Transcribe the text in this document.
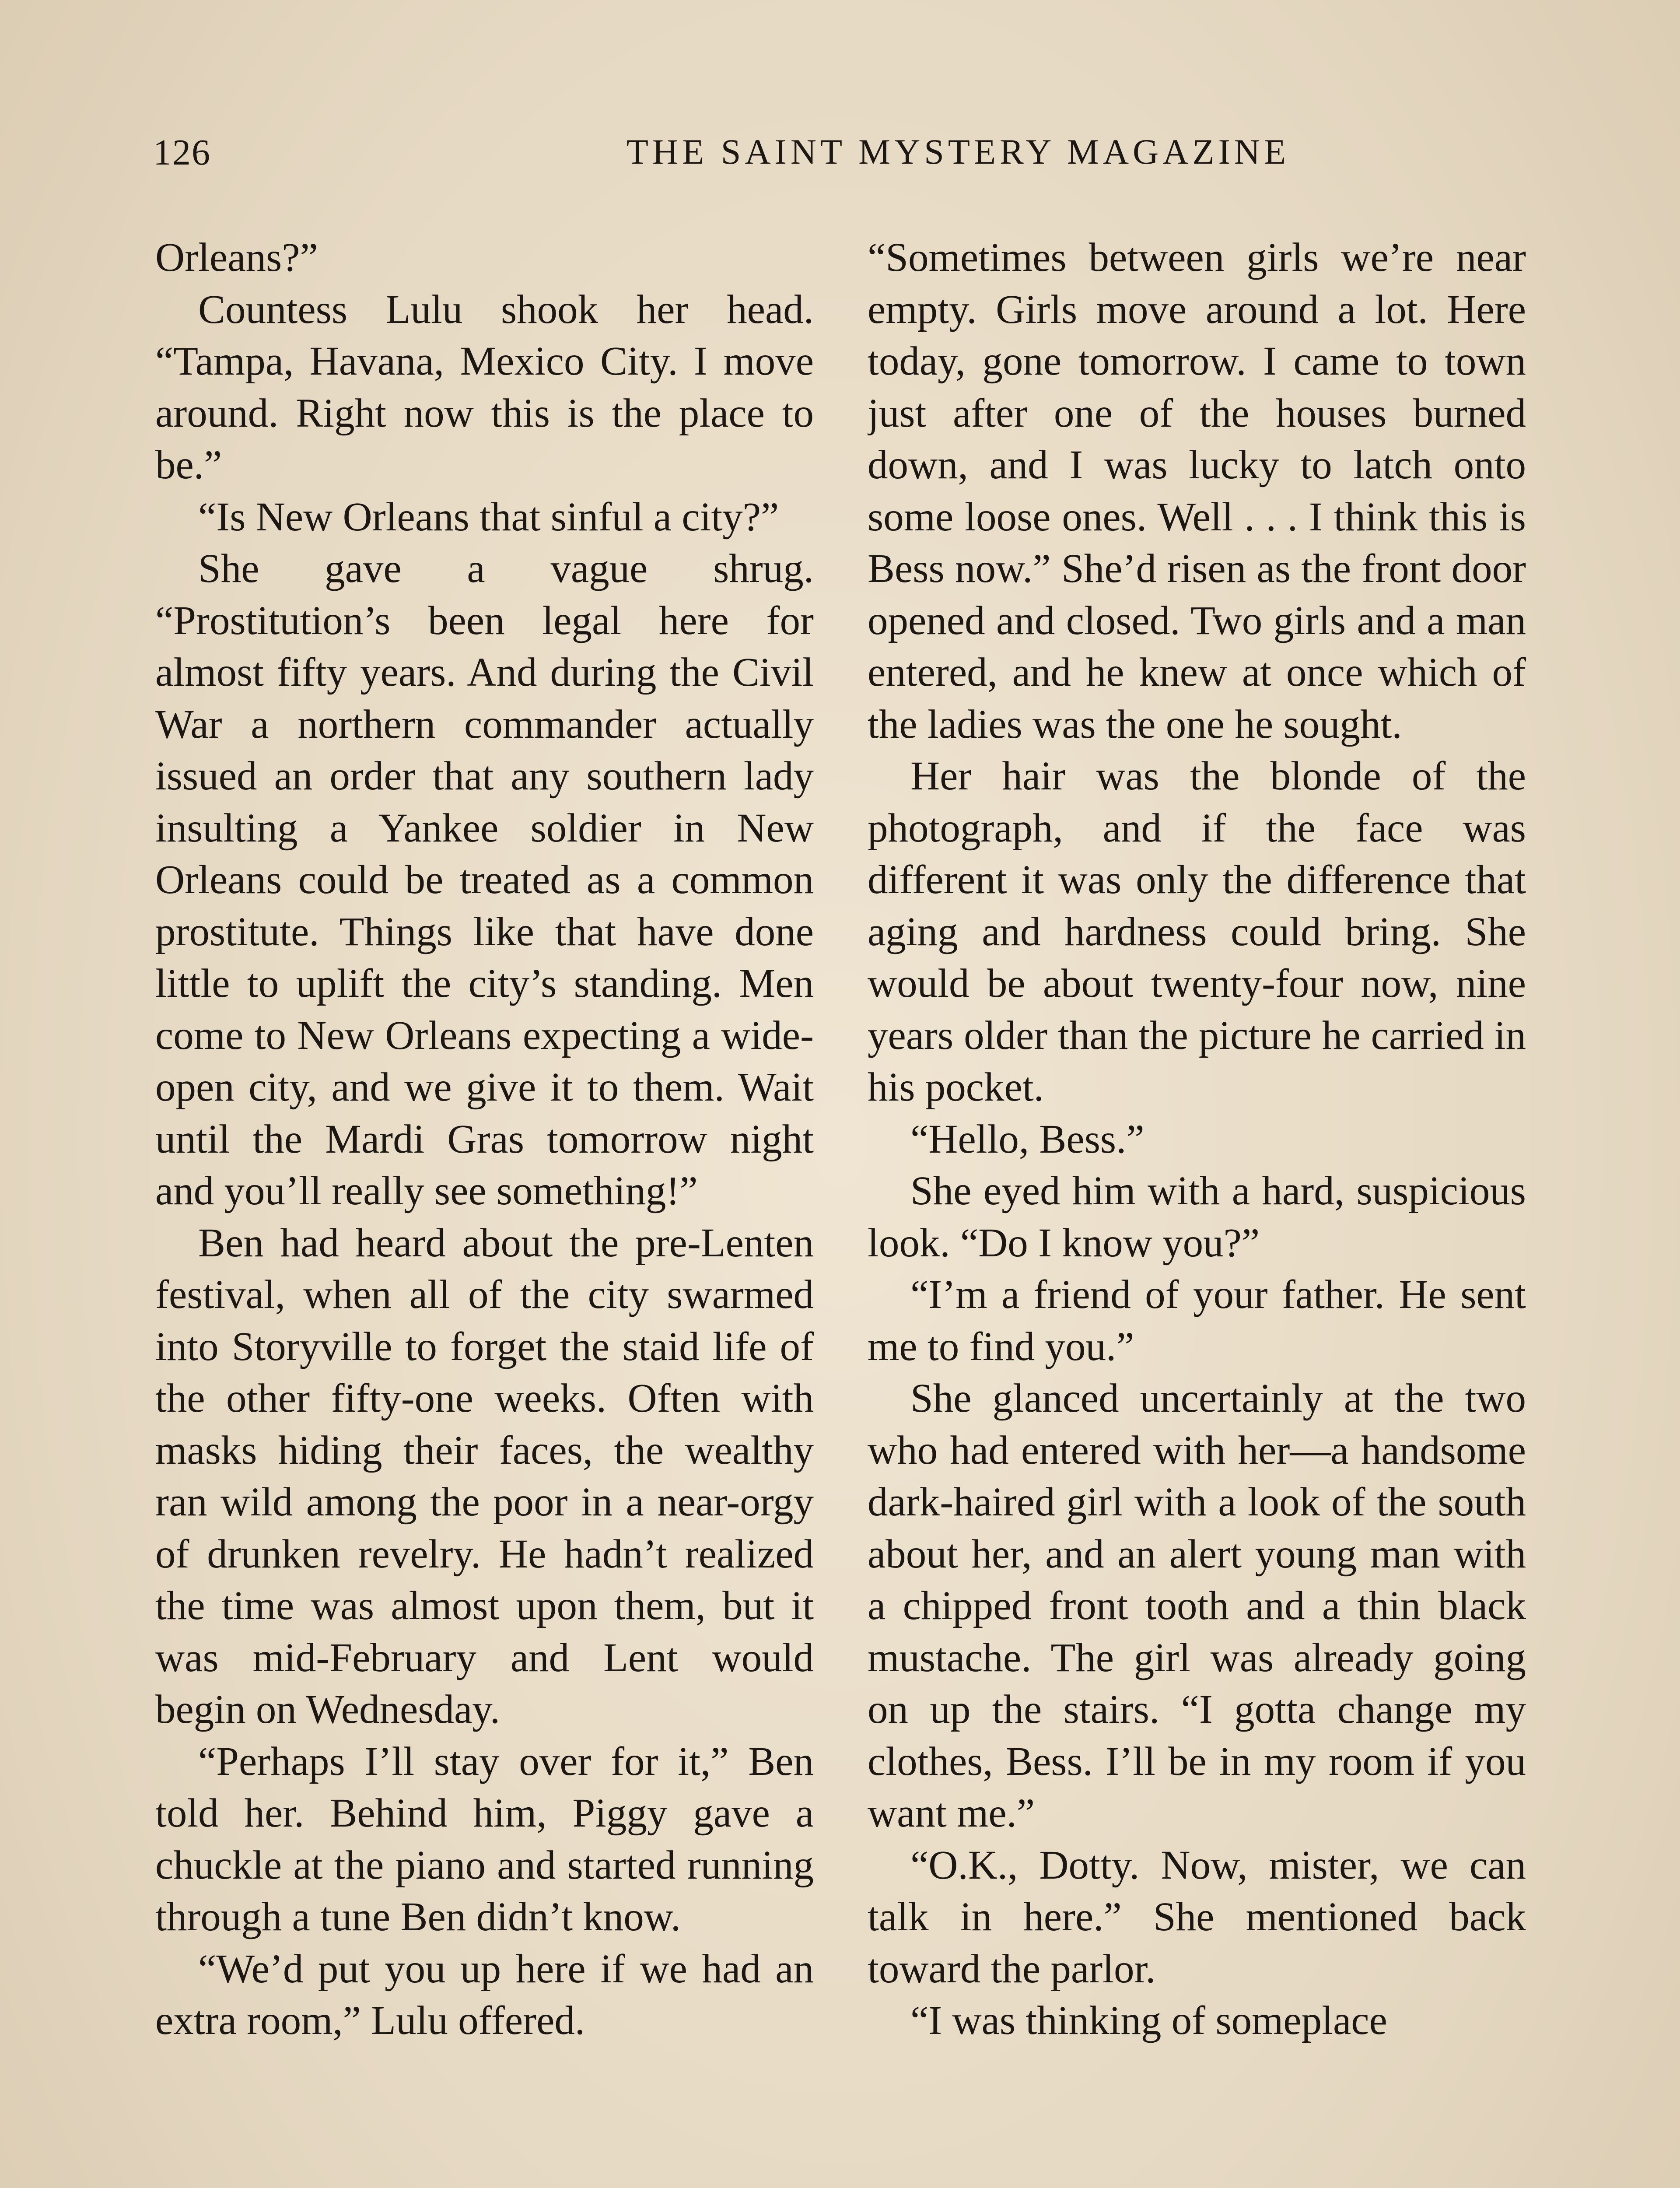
126	THE SAINT MYSTERY MAGAZINE

Orleans?”

Countess Lulu shook her head. “Tampa, Havana, Mexico City. I move around. Right now this is the place to be.”

“Is New Orleans that sinful a city?”

She gave a vague shrug. “Prostitution’s been legal here for almost fifty years. And during the Civil War a northern commander actually issued an order that any southern lady insulting a Yankee soldier in New Orleans could be treated as a common prostitute. Things like that have done little to uplift the city’s standing. Men come to New Orleans expecting a wide-open city, and we give it to them. Wait until the Mardi Gras tomorrow night and you’ll really see something!”

Ben had heard about the pre-Lenten festival, when all of the city swarmed into Storyville to forget the staid life of the other fifty-one weeks. Often with masks hiding their faces, the wealthy ran wild among the poor in a near-orgy of drunken revelry. He hadn’t realized the time was almost upon them, but it was mid-February and Lent would begin on Wednesday.

“Perhaps I’ll stay over for it,” Ben told her. Behind him, Piggy gave a chuckle at the piano and started running through a tune Ben didn’t know.

“We’d put you up here if we had an extra room,” Lulu offered.

“Sometimes between girls we’re near empty. Girls move around a lot. Here today, gone tomorrow. I came to town just after one of the houses burned down, and I was lucky to latch onto some loose ones. Well . . . I think this is Bess now.” She’d risen as the front door opened and closed. Two girls and a man entered, and he knew at once which of the ladies was the one he sought.

Her hair was the blonde of the photograph, and if the face was different it was only the difference that aging and hardness could bring. She would be about twenty-four now, nine years older than the picture he carried in his pocket.

“Hello, Bess.”

She eyed him with a hard, suspicious look. “Do I know you?”

“I’m a friend of your father. He sent me to find you.”

She glanced uncertainly at the two who had entered with her—a handsome dark-haired girl with a look of the south about her, and an alert young man with a chipped front tooth and a thin black mustache. The girl was already going on up the stairs. “I gotta change my clothes, Bess. I’ll be in my room if you want me.”

“O.K., Dotty. Now, mister, we can talk in here.” She mentioned back toward the parlor.

“I was thinking of someplace
